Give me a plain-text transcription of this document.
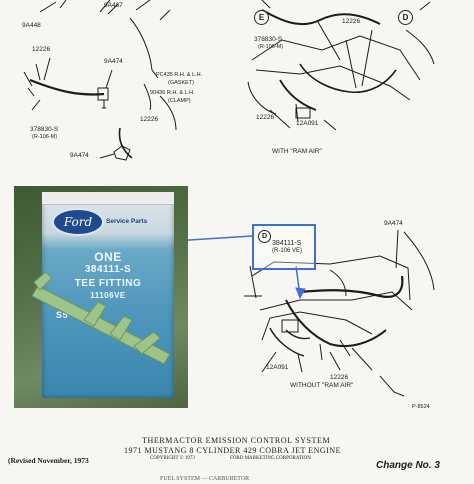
9A448
9A487
12226
9A474
PC435 R.H. & L.H.
(GASKET)
90436 R.H. & L.H.
(CLAMP)
378830-S
(R-106-M)
12226
9A474
E	D
12226
378830-S
(R-106-M)
12226
12A091
WITH "RAM AIR"
Ford	Service Parts
ONE
384111-S
TEE FITTING
11106VE
S5
D
384111-S
(R-106 VE)
9A474
12226
12A091
WITHOUT "RAM AIR"
P-8524
THERMACTOR EMISSION CONTROL SYSTEM
1971 MUSTANG 8 CYLINDER 429 COBRA JET ENGINE
(Revised November, 1973	COPYRIGHT © 1973	FORD MARKETING CORPORATION
Change No. 3
FUEL SYSTEM — CARBURETOR
